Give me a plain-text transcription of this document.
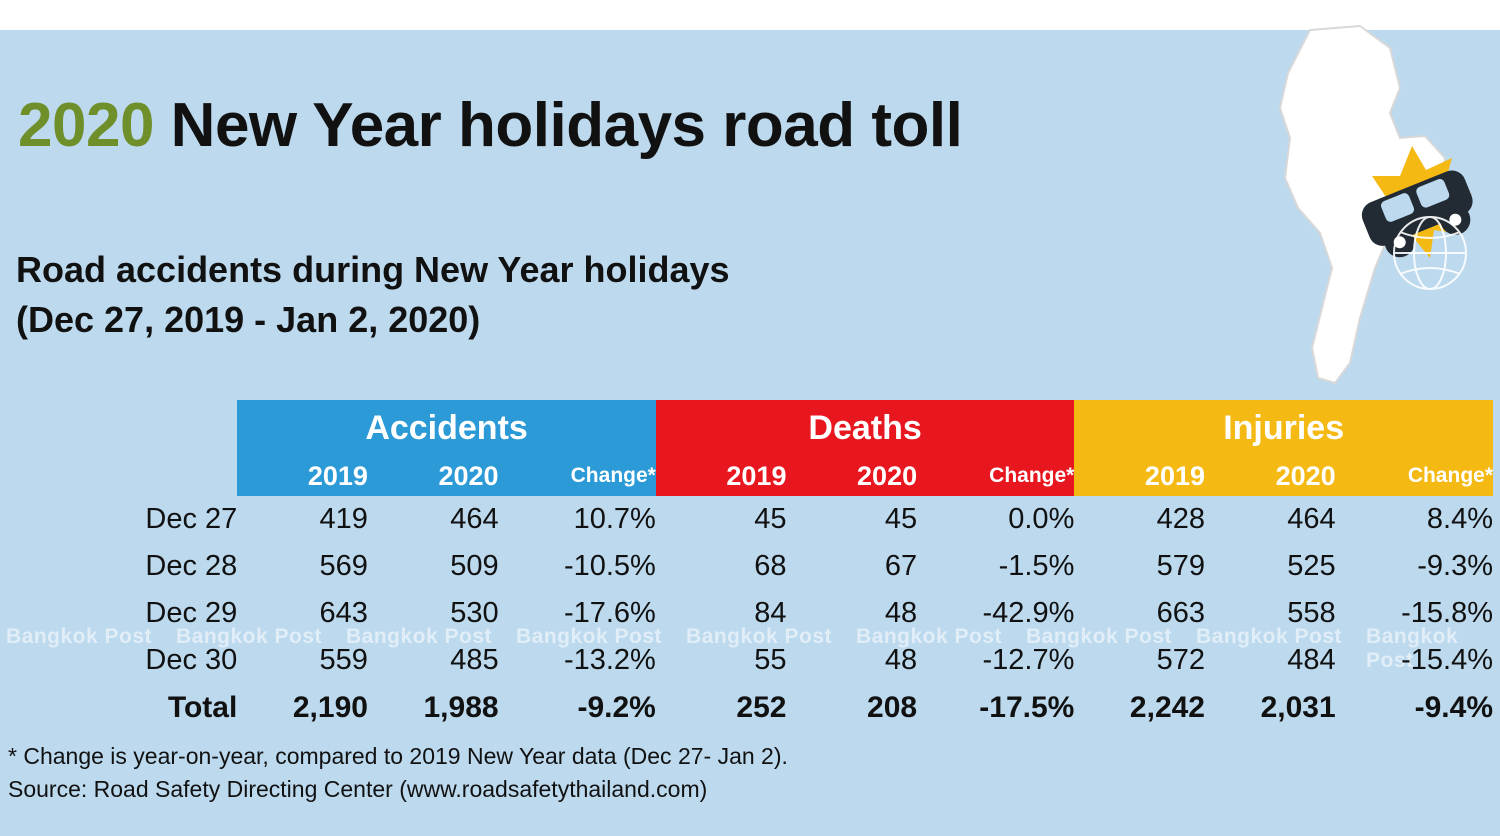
2020 New Year holidays road toll
Road accidents during New Year holidays
(Dec 27, 2019 - Jan 2, 2020)
Bangkok Post Bangkok Post Bangkok Post Bangkok Post Bangkok Post Bangkok Post Bangkok Post Bangkok Post Bangkok Post
	Accidents			Deaths			Injuries		
	2019	2020	Change*	2019	2020	Change*	2019	2020	Change*
Dec 27	419	464	10.7%	45	45	0.0%	428	464	8.4%
Dec 28	569	509	-10.5%	68	67	-1.5%	579	525	-9.3%
Dec 29	643	530	-17.6%	84	48	-42.9%	663	558	-15.8%
Dec 30	559	485	-13.2%	55	48	-12.7%	572	484	-15.4%
Total	2,190	1,988	-9.2%	252	208	-17.5%	2,242	2,031	-9.4%
* Change is year-on-year, compared to 2019 New Year data (Dec 27- Jan 2).
Source: Road Safety Directing Center (www.roadsafetythailand.com)
